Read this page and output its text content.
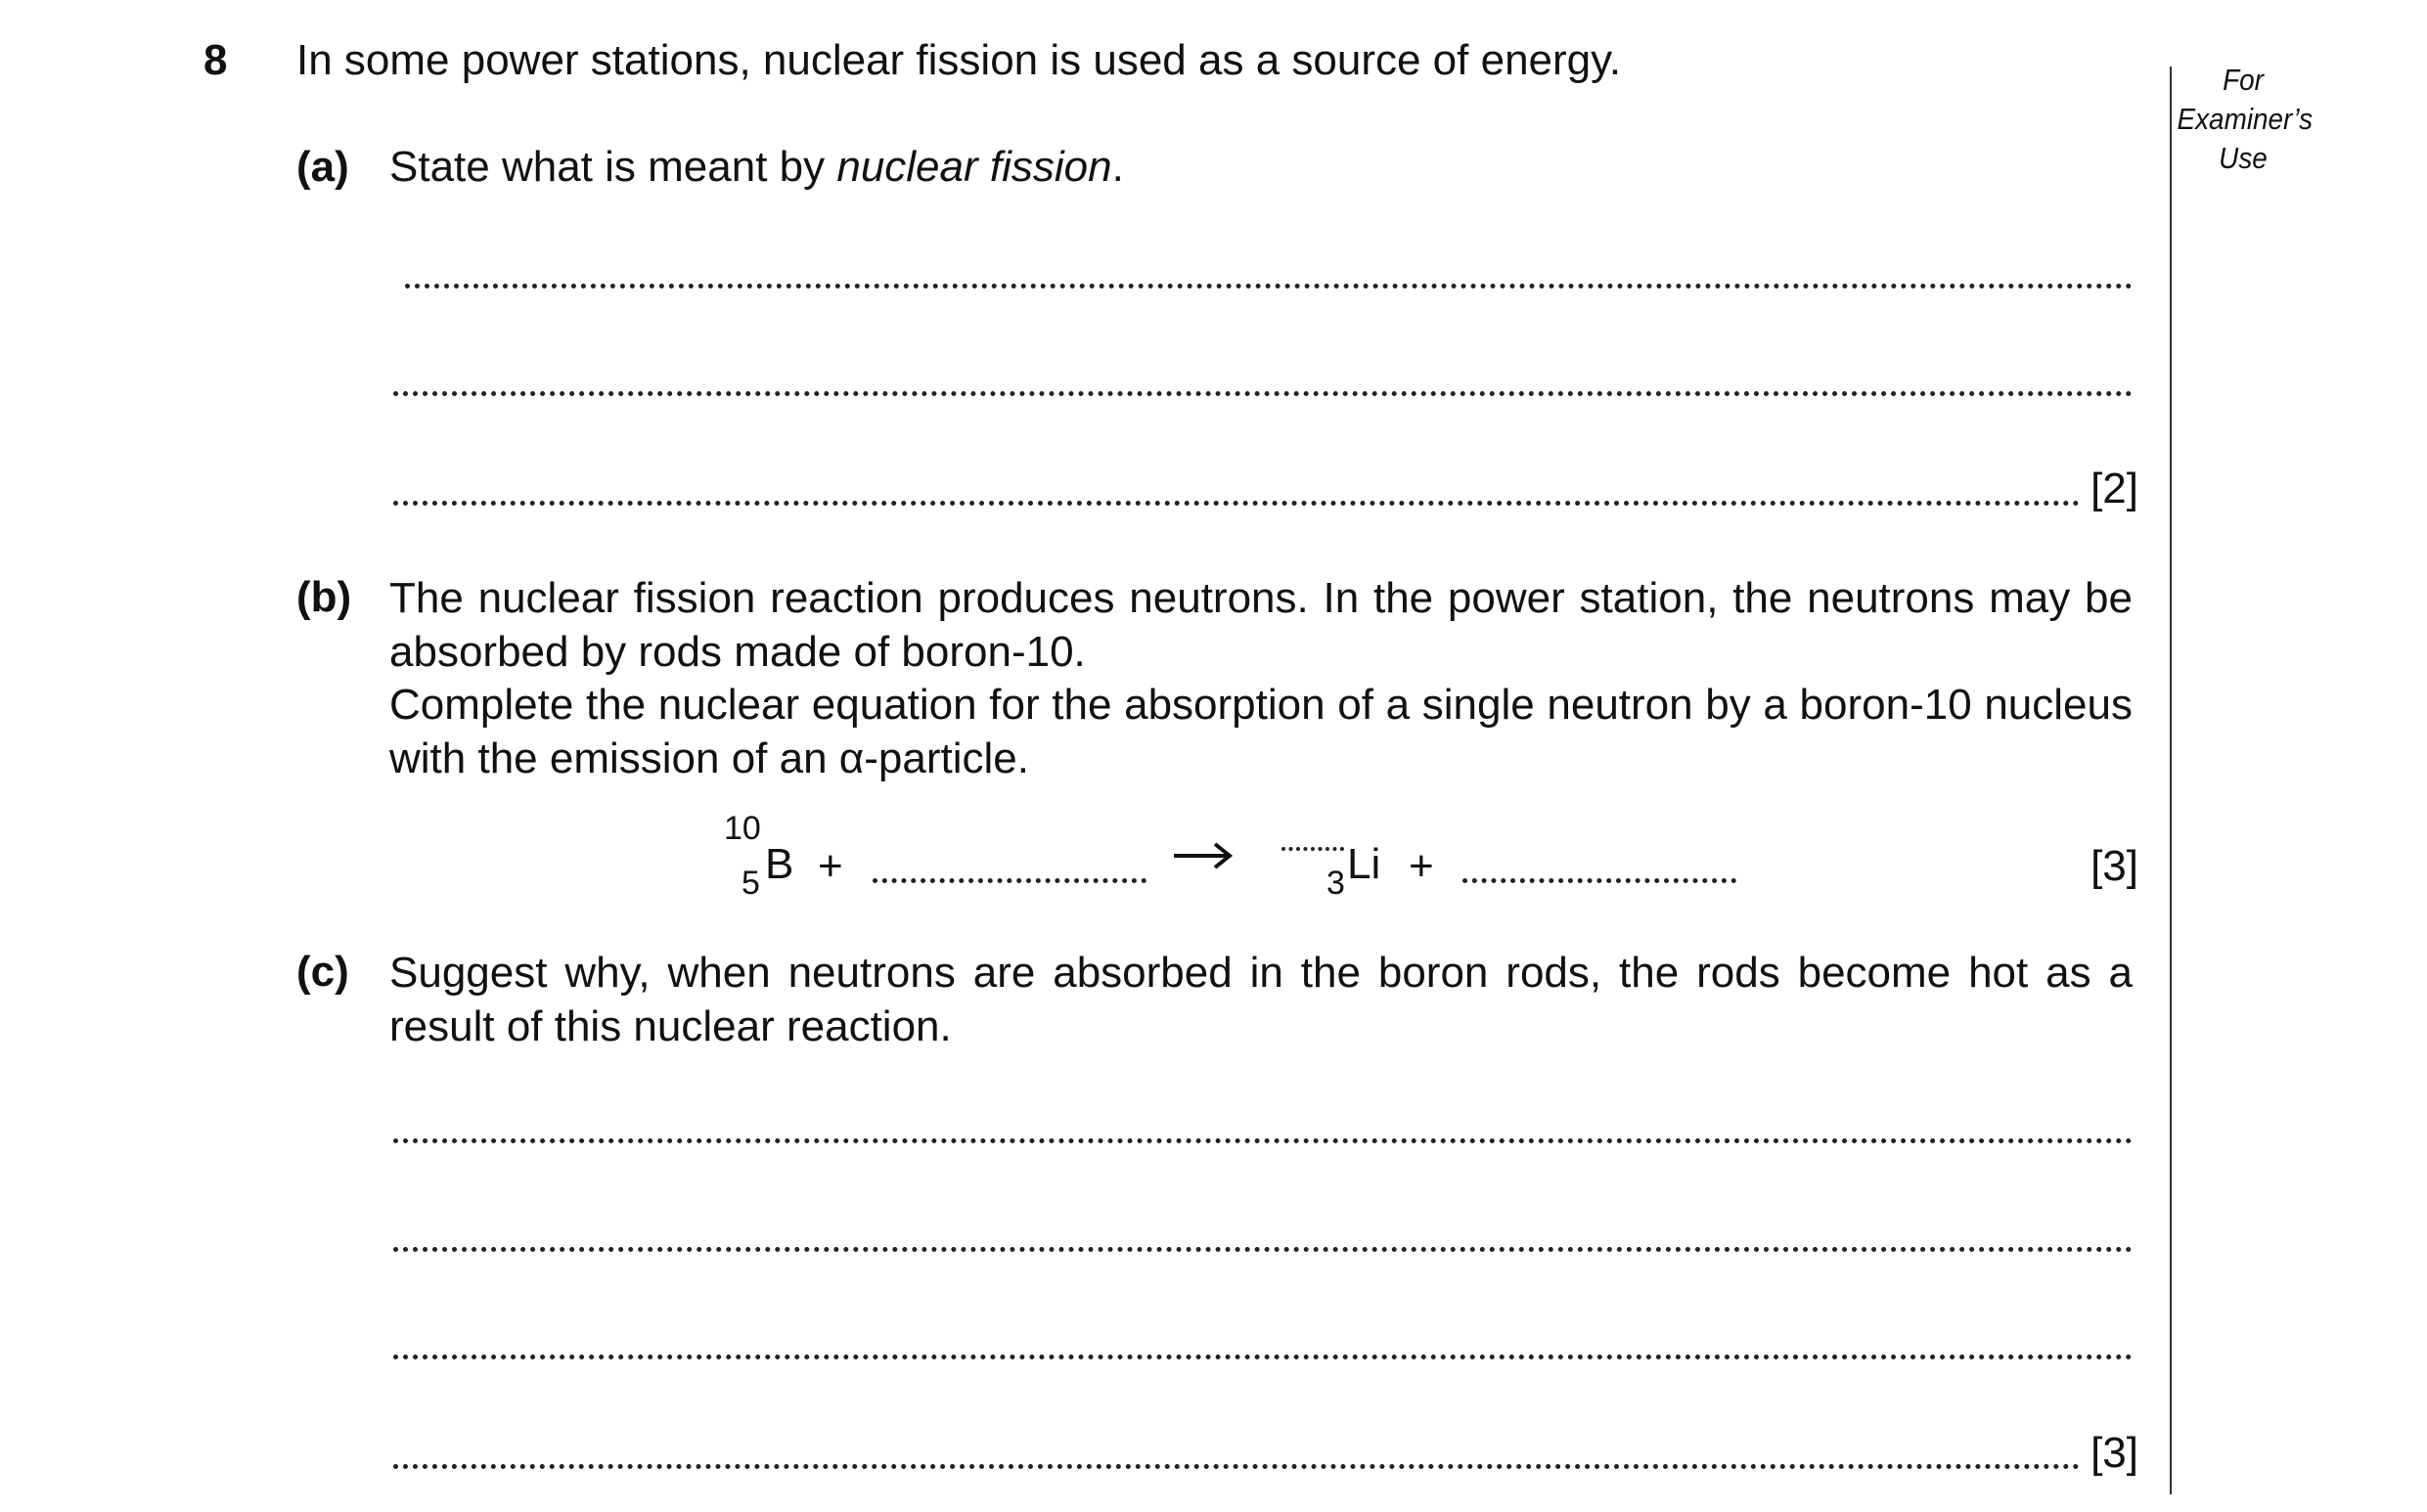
8 In some power stations, nuclear fission is used as a source of energy.	For
Examiner’s
Use
(a) State what is meant by nuclear fission.
[2]
(b) The nuclear fission reaction produces neutrons. In the power station, the neutrons may be absorbed by rods made of boron-10.
Complete the nuclear equation for the absorption of a single neutron by a boron-10 nucleus with the emission of an α-particle.
10
5 B +	3 Li +	[3]
(c) Suggest why, when neutrons are absorbed in the boron rods, the rods become hot as a result of this nuclear reaction.
[3]
